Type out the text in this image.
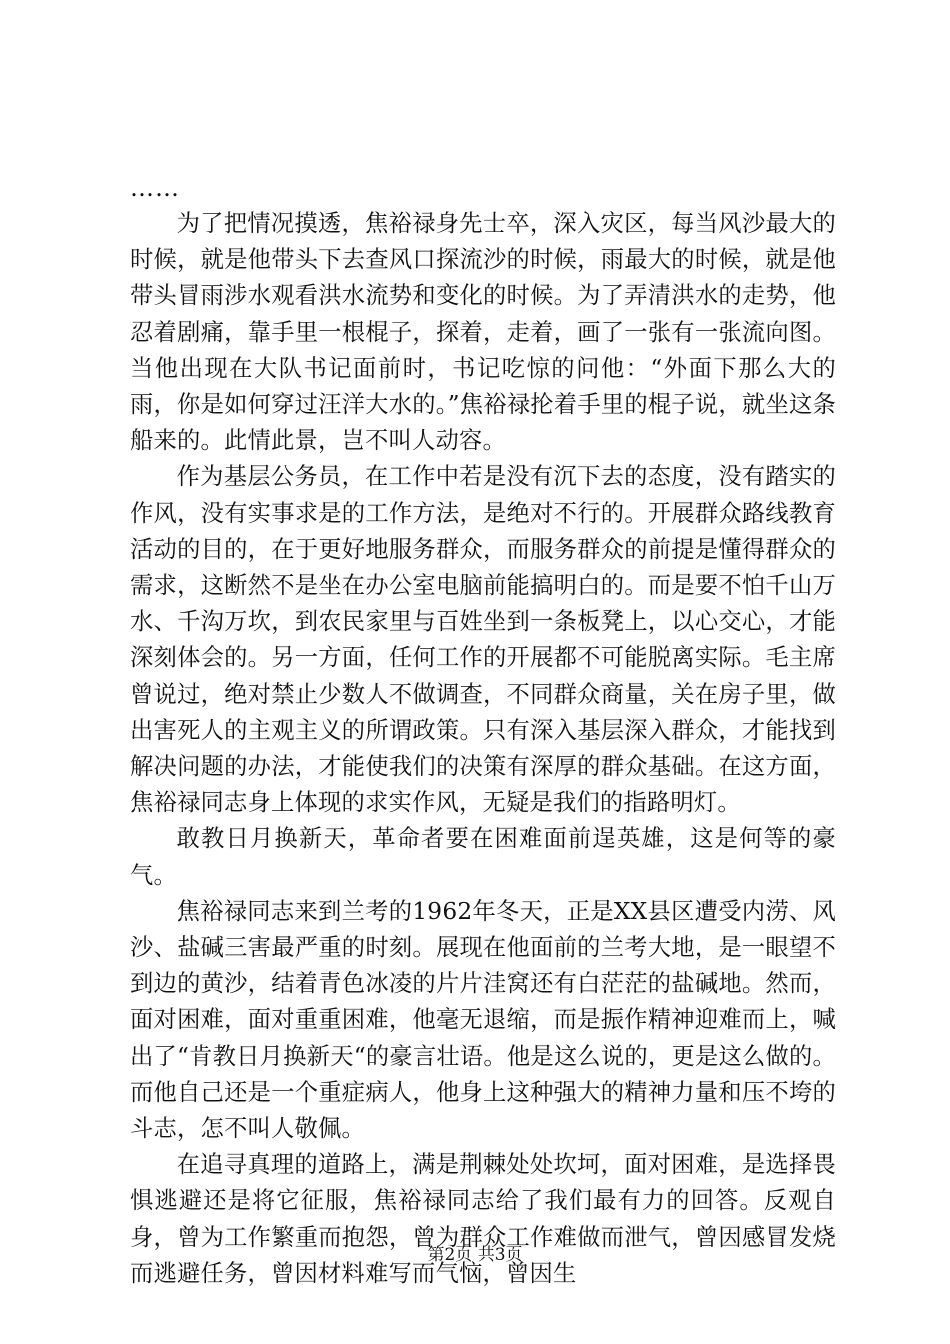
……

为了把情况摸透，焦裕禄身先士卒，深入灾区，每当风沙最大的时候，就是他带头下去查风口探流沙的时候，雨最大的时候，就是他带头冒雨涉水观看洪水流势和变化的时候。为了弄清洪水的走势，他忍着剧痛，靠手里一根棍子，探着，走着，画了一张有一张流向图。当他出现在大队书记面前时，书记吃惊的问他：“外面下那么大的雨，你是如何穿过汪洋大水的。”焦裕禄抡着手里的棍子说，就坐这条船来的。此情此景，岂不叫人动容。

作为基层公务员，在工作中若是没有沉下去的态度，没有踏实的作风，没有实事求是的工作方法，是绝对不行的。开展群众路线教育活动的目的，在于更好地服务群众，而服务群众的前提是懂得群众的需求，这断然不是坐在办公室电脑前能搞明白的。而是要不怕千山万水、千沟万坎，到农民家里与百姓坐到一条板凳上，以心交心，才能深刻体会的。另一方面，任何工作的开展都不可能脱离实际。毛主席曾说过，绝对禁止少数人不做调查，不同群众商量，关在房子里，做出害死人的主观主义的所谓政策。只有深入基层深入群众，才能找到解决问题的办法，才能使我们的决策有深厚的群众基础。在这方面，焦裕禄同志身上体现的求实作风，无疑是我们的指路明灯。

敢教日月换新天，革命者要在困难面前逞英雄，这是何等的豪气。

焦裕禄同志来到兰考的1962年冬天，正是XX县区遭受内涝、风沙、盐碱三害最严重的时刻。展现在他面前的兰考大地，是一眼望不到边的黄沙，结着青色冰凌的片片洼窝还有白茫茫的盐碱地。然而，面对困难，面对重重困难，他毫无退缩，而是振作精神迎难而上，喊出了“肯教日月换新天“的豪言壮语。他是这么说的，更是这么做的。而他自己还是一个重症病人，他身上这种强大的精神力量和压不垮的斗志，怎不叫人敬佩。

在追寻真理的道路上，满是荆棘处处坎坷，面对困难，是选择畏惧逃避还是将它征服，焦裕禄同志给了我们最有力的回答。反观自身，曾为工作繁重而抱怨，曾为群众工作难做而泄气，曾因感冒发烧而逃避任务，曾因材料难写而气恼，曾因生

第2页 共3页
